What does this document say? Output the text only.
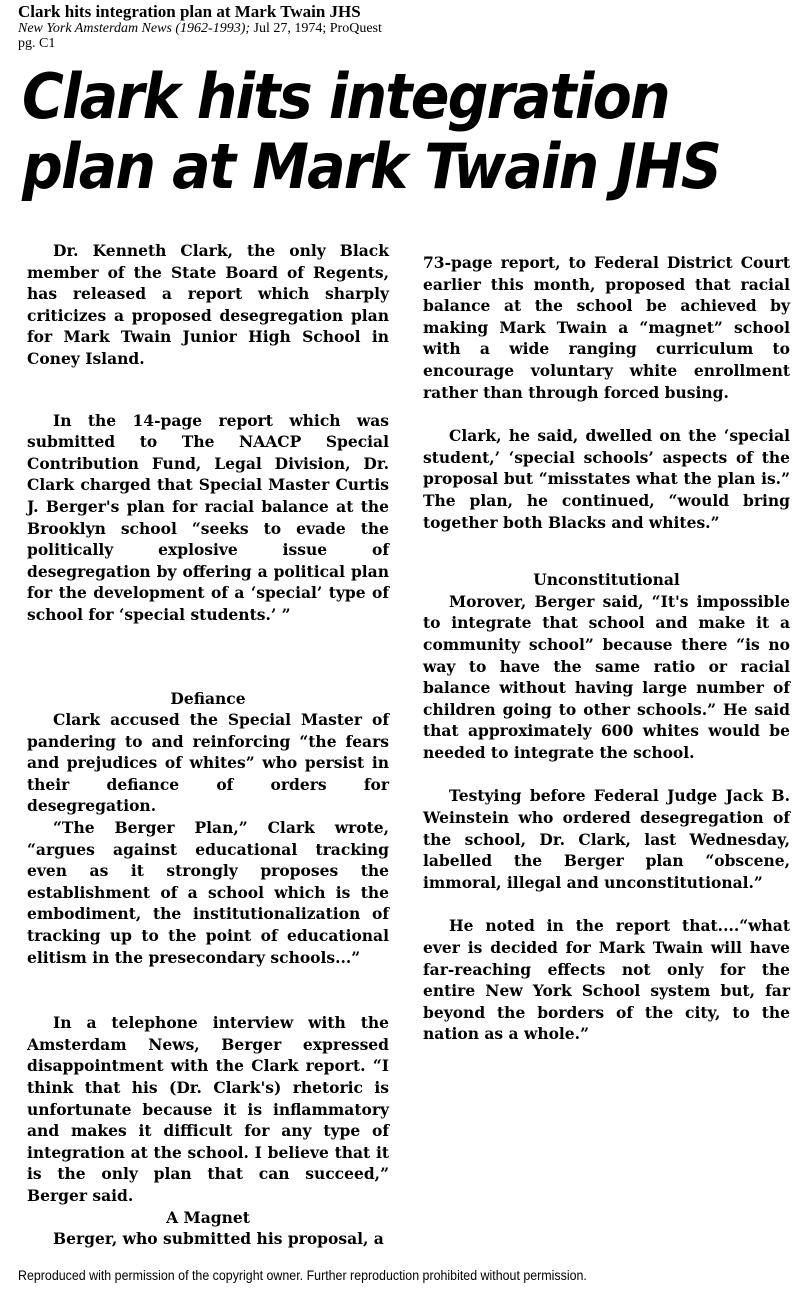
Clark hits integration plan at Mark Twain JHS
New York Amsterdam News (1962-1993); Jul 27, 1974; ProQuest
pg. C1
Clark hits integration
plan at Mark Twain JHS

Dr. Kenneth Clark, the only Black member of the State Board of Regents, has released a report which sharply criticizes a proposed desegregation plan for Mark Twain Junior High School in Coney Island.

In the 14-page report which was submitted to The NAACP Special Contribution Fund, Legal Division, Dr. Clark charged that Special Master Curtis J. Berger's plan for racial balance at the Brooklyn school “seeks to evade the politically explosive issue of desegregation by offering a political plan for the development of a ‘special’ type of school for ‘special students.’ ”

Defiance

Clark accused the Special Master of pandering to and reinforcing “the fears and prejudices of whites” who persist in their defiance of orders for desegregation.

“The Berger Plan,” Clark wrote, “argues against educational tracking even as it strongly proposes the establishment of a school which is the embodiment, the institutionalization of tracking up to the point of educational elitism in the presecondary schools...”

In a telephone interview with the Amsterdam News, Berger expressed disappointment with the Clark report. “I think that his (Dr. Clark's) rhetoric is unfortunate because it is inflammatory and makes it difficult for any type of integration at the school. I believe that it is the only plan that can succeed,” Berger said.

A Magnet

Berger, who submitted his proposal, a

73-page report, to Federal District Court earlier this month, proposed that racial balance at the school be achieved by making Mark Twain a “magnet” school with a wide ranging curriculum to encourage voluntary white enrollment rather than through forced busing.

Clark, he said, dwelled on the ‘special student,’ ‘special schools’ aspects of the proposal but “misstates what the plan is.” The plan, he continued, “would bring together both Blacks and whites.”

Unconstitutional

Morover, Berger said, “It's impossible to integrate that school and make it a community school” because there “is no way to have the same ratio or racial balance without having large number of children going to other schools.” He said that approximately 600 whites would be needed to integrate the school.

Testying before Federal Judge Jack B. Weinstein who ordered desegregation of the school, Dr. Clark, last Wednesday, labelled the Berger plan “obscene, immoral, illegal and unconstitutional.”

He noted in the report that....“what ever is decided for Mark Twain will have far-reaching effects not only for the entire New York School system but, far beyond the borders of the city, to the nation as a whole.”

Reproduced with permission of the copyright owner. Further reproduction prohibited without permission.
